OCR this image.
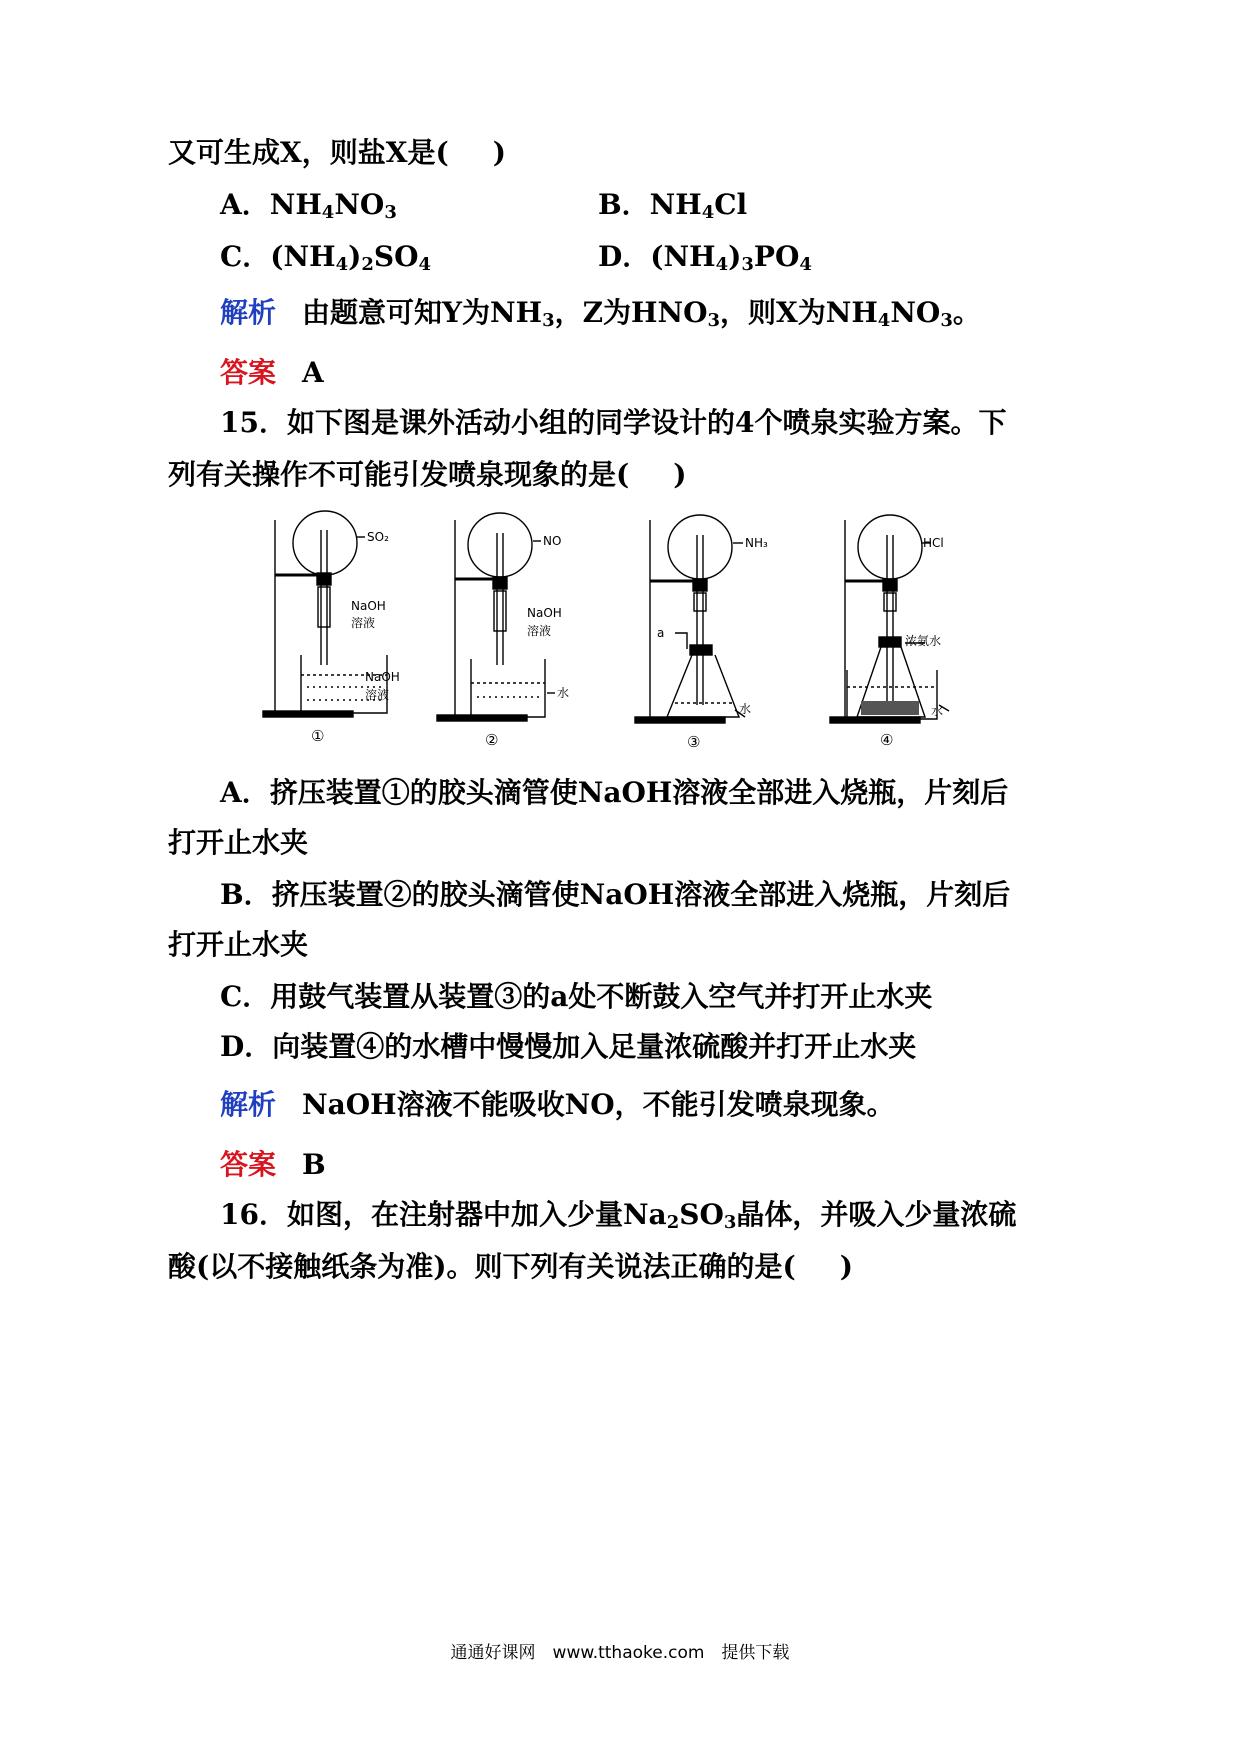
又可生成X，则盐X是( )
A．$NH_4NO_3$	B．$NH_4Cl$
C．$(NH_4)_2SO_4$	D．$(NH_4)_3PO_4$
解析 由题意可知Y为$NH_3$，Z为$HNO_3$，则X为$NH_4NO_3$。
答案 A
15．如下图是课外活动小组的同学设计的4个喷泉实验方案。下
列有关操作不可能引发喷泉现象的是( )
SO₂
NaOH
溶液
NaOH
溶液
NO
NaOH
溶液
水
NH₃
a
水
HCl
浓氨水
水
①	②	③	④
A．挤压装置①的胶头滴管使NaOH溶液全部进入烧瓶，片刻后
打开止水夹
B．挤压装置②的胶头滴管使NaOH溶液全部进入烧瓶，片刻后
打开止水夹
C．用鼓气装置从装置③的a处不断鼓入空气并打开止水夹
D．向装置④的水槽中慢慢加入足量浓硫酸并打开止水夹
解析 NaOH溶液不能吸收NO，不能引发喷泉现象。
答案 B
16．如图，在注射器中加入少量$Na_2SO_3$晶体，并吸入少量浓硫
酸(以不接触纸条为准)。则下列有关说法正确的是( )
通通好课网　www.tthaoke.com　提供下载
